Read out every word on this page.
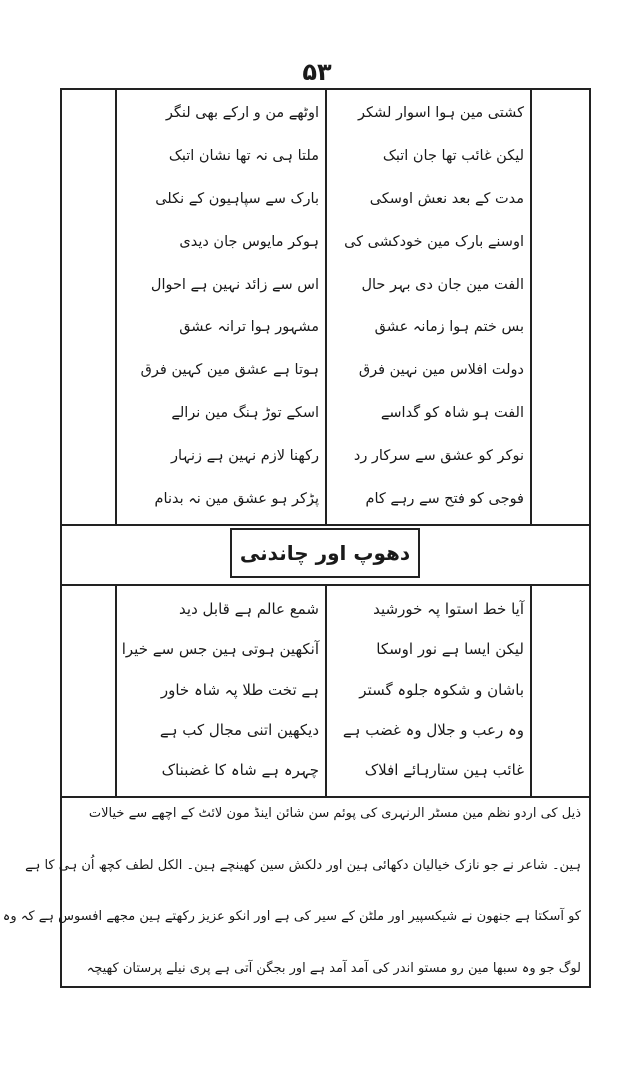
۵۳
کشتی مین ہوا اسوار لشکر
لیکن غائب تھا جان اتبک
مدت کے بعد نعش اوسکی
اوسنے بارک مین خودکشی کی
الفت مین جان دی بہر حال
بس ختم ہوا زمانہ عشق
دولت افلاس مین نہین فرق
الفت ہو شاہ کو گداسے
نوکر کو عشق سے سرکار رد
فوجی کو فتح سے رہے کام
اوٹھے من و ارکے بھی لنگر
ملتا ہی نہ تھا نشان اتبک
بارک سے سپاہیون کے نکلی
ہوکر مایوس جان دیدی
اس سے زائد نہین ہے احوال
مشہور ہوا ترانہ عشق
ہوتا ہے عشق مین کہین فرق
اسکے توڑ ہنگ مین نرالے
رکھنا لازم نہین ہے زنہار
پڑکر ہو عشق مین نہ بدنام
دھوپ اور چاندنی
آیا خط استوا پہ خورشید
لیکن ایسا ہے نور اوسکا
باشان و شکوہ جلوہ گستر
وہ رعب و جلال وہ غضب ہے
غائب ہین ستارہائے افلاک
شمع عالم ہے قابل دید
آنکھین ہوتی ہین جس سے خیرا
ہے تخت طلا پہ شاہ خاور
دیکھین اتنی مجال کب ہے
چہرہ ہے شاہ کا غضبناک
ذیل کی اردو نظم مین مسٹر الرنہری کی پوئم سن شائن اینڈ مون لائٹ کے اچھے سے خیالات
ہین۔ شاعر نے جو نازک خیالیان دکھائی ہین اور دلکش سین کھینچے ہین۔ الکل لطف کچھ اُن ہی کا ہے
کو آسکتا ہے جنھون نے شیکسپیر اور ملٹن کے سیر کی ہے اور انکو عزیز رکھتے ہین مجھے افسوس ہے کہ وہ
لوگ جو وہ سبھا مین رو مستو اندر کی آمد آمد ہے اور بجگن آتی ہے پری نیلے پرستان کھیچہ
